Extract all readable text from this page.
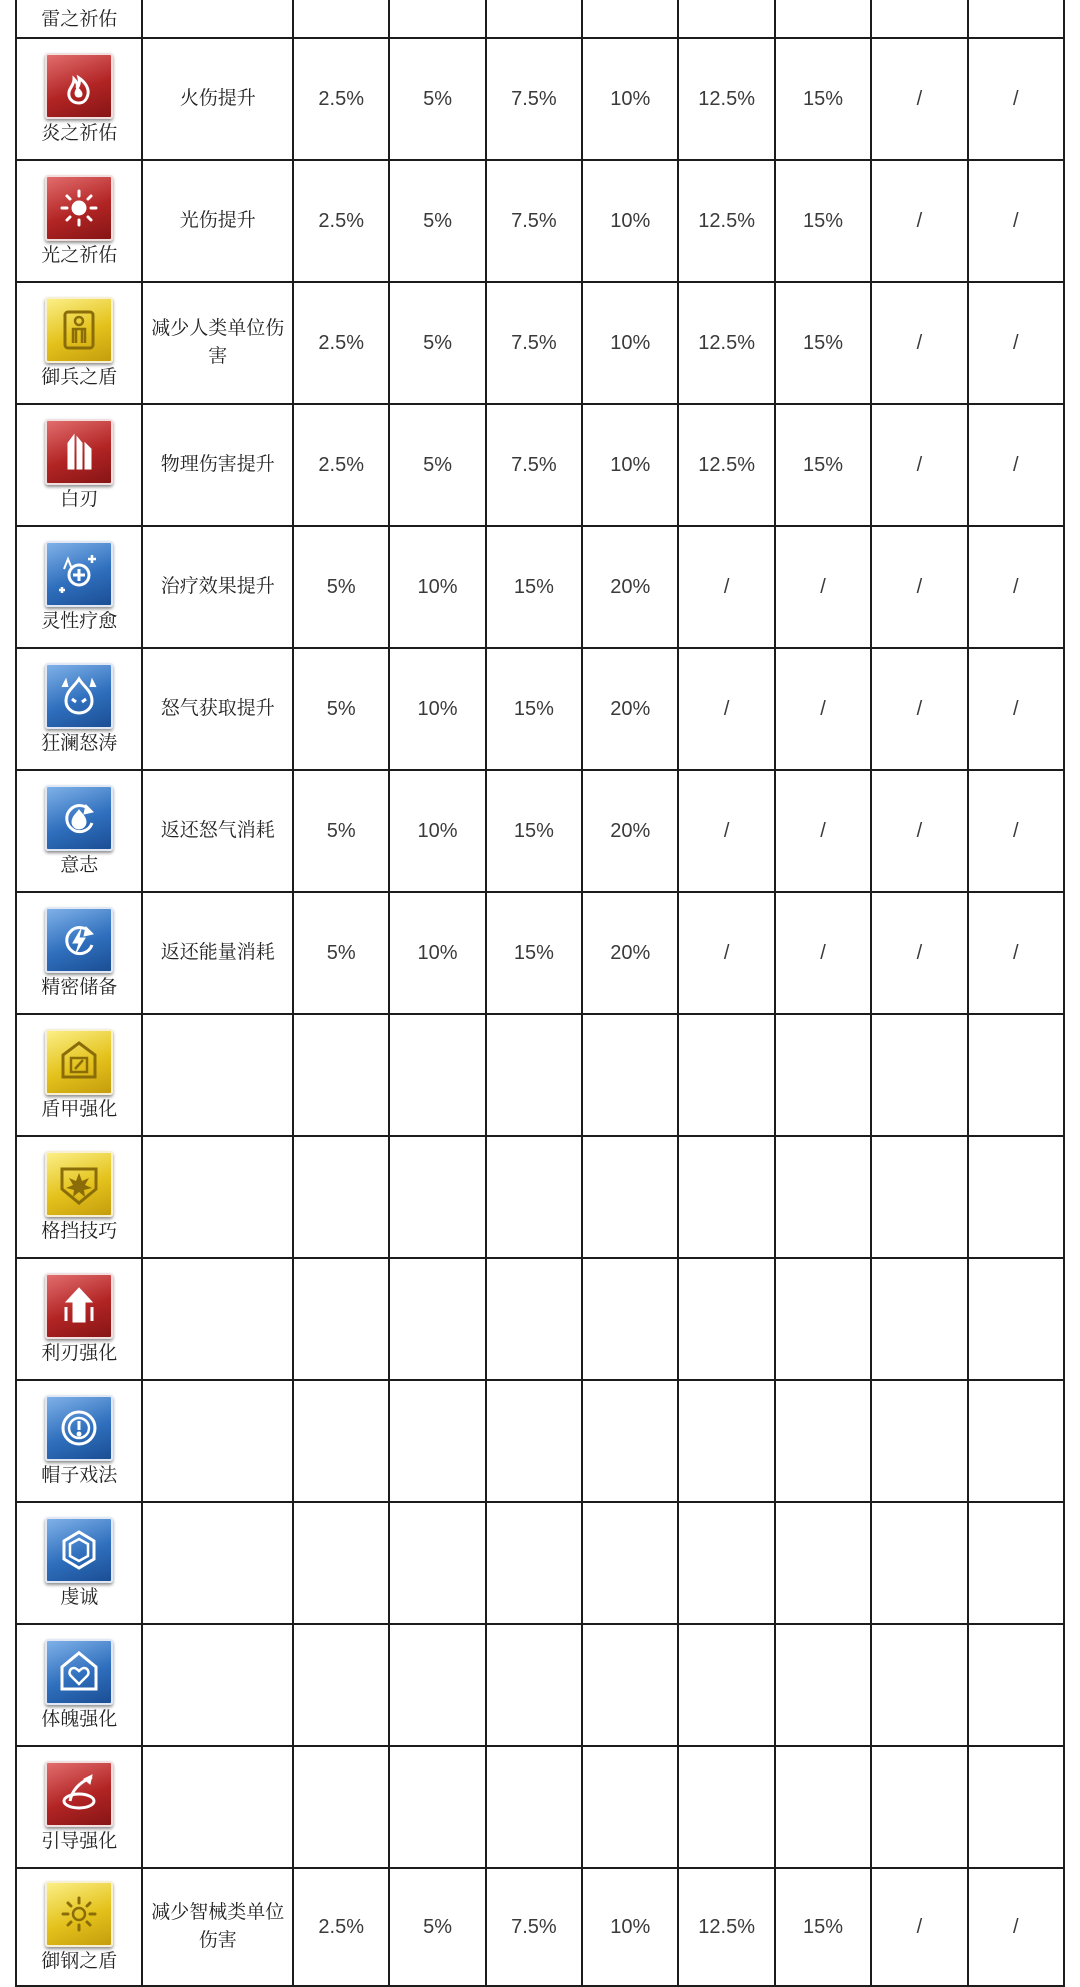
雷之祈佑									

炎之祈佑	火伤提升	2.5%	5%	7.5%	10%	12.5%	15%	/	/

光之祈佑	光伤提升	2.5%	5%	7.5%	10%	12.5%	15%	/	/

御兵之盾	减少人类单位伤害	2.5%	5%	7.5%	10%	12.5%	15%	/	/

白刃	物理伤害提升	2.5%	5%	7.5%	10%	12.5%	15%	/	/

灵性疗愈	治疗效果提升	5%	10%	15%	20%	/	/	/	/

狂澜怒涛	怒气获取提升	5%	10%	15%	20%	/	/	/	/

意志	返还怒气消耗	5%	10%	15%	20%	/	/	/	/

精密储备	返还能量消耗	5%	10%	15%	20%	/	/	/	/

盾甲强化									

格挡技巧									

利刃强化									

帽子戏法									

虔诚									

体魄强化									

引导强化									

御钢之盾	减少智械类单位伤害	2.5%	5%	7.5%	10%	12.5%	15%	/	/
